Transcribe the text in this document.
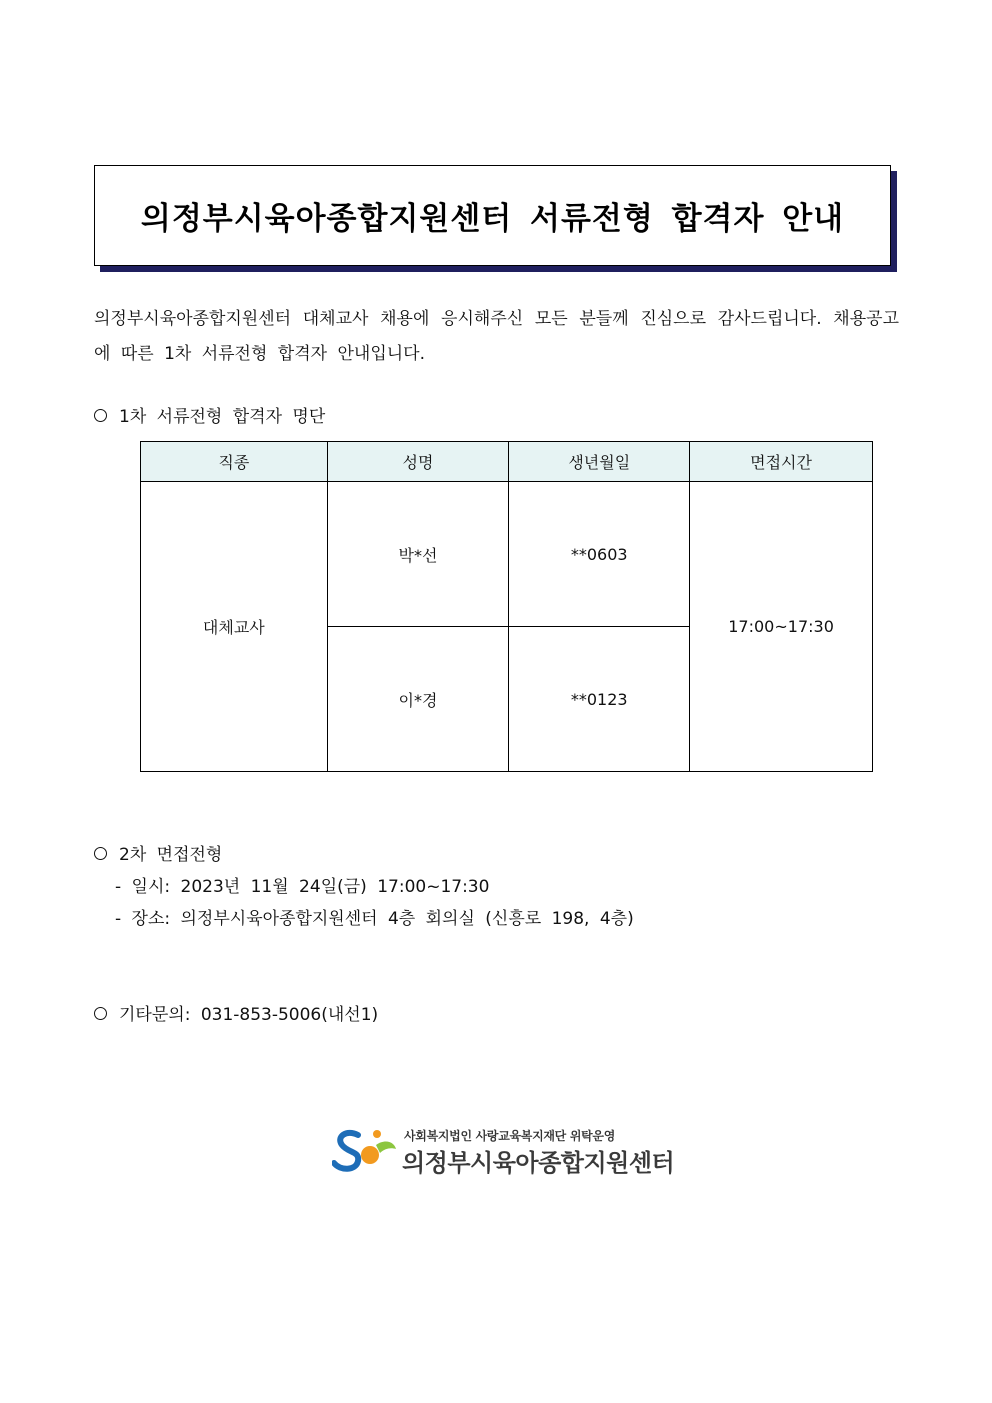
의정부시육아종합지원센터 서류전형 합격자 안내
의정부시육아종합지원센터 대체교사 채용에 응시해주신 모든 분들께 진심으로 감사드립니다. 채용공고에 따른 1차 서류전형 합격자 안내입니다.
1차 서류전형 합격자 명단
직종	성명	생년월일	면접시간
대체교사	박*선	**0603	17:00~17:30
	이*경	**0123	
2차 면접전형
- 일시: 2023년 11월 24일(금) 17:00~17:30
- 장소: 의정부시육아종합지원센터 4층 회의실 (신흥로 198, 4층)
기타문의: 031-853-5006(내선1)
사회복지법인 사랑교육복지재단 위탁운영
의정부시육아종합지원센터
